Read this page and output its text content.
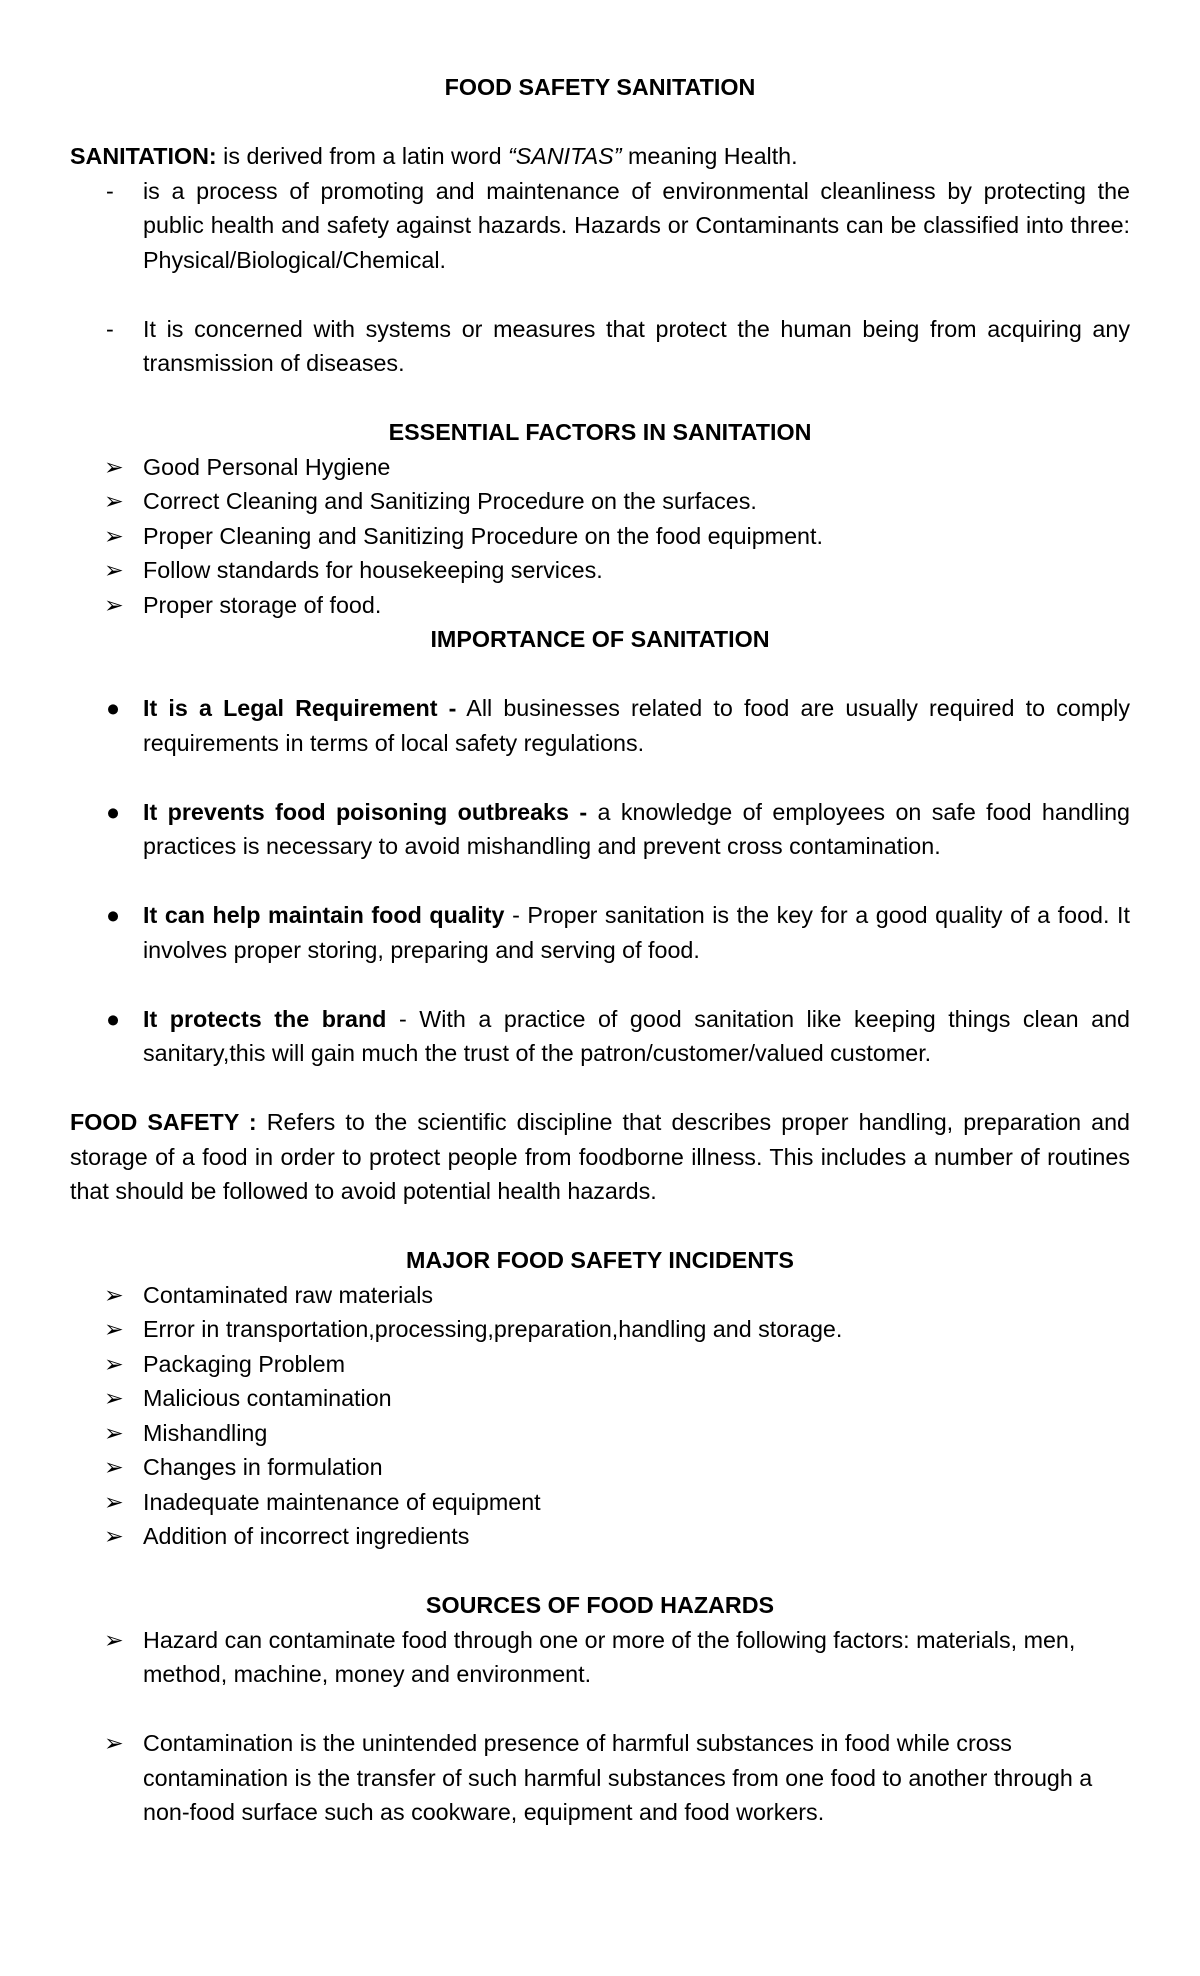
FOOD SAFETY SANITATION

SANITATION: is derived from a latin word “SANITAS” meaning Health.

- is a process of promoting and maintenance of environmental cleanliness by protecting the public health and safety against hazards. Hazards or Contaminants can be classified into three: Physical/Biological/Chemical.
- It is concerned with systems or measures that protect the human being from acquiring any transmission of diseases.

ESSENTIAL FACTORS IN SANITATION

➢ Good Personal Hygiene
➢ Correct Cleaning and Sanitizing Procedure on the surfaces.
➢ Proper Cleaning and Sanitizing Procedure on the food equipment.
➢ Follow standards for housekeeping services.
➢ Proper storage of food.

IMPORTANCE OF SANITATION

● It is a Legal Requirement - All businesses related to food are usually required to comply requirements in terms of local safety regulations.
● It prevents food poisoning outbreaks - a knowledge of employees on safe food handling practices is necessary to avoid mishandling and prevent cross contamination.
● It can help maintain food quality - Proper sanitation is the key for a good quality of a food. It involves proper storing, preparing and serving of food.
● It protects the brand - With a practice of good sanitation like keeping things clean and sanitary,this will gain much the trust of the patron/customer/valued customer.

FOOD SAFETY : Refers to the scientific discipline that describes proper handling, preparation and storage of a food in order to protect people from foodborne illness. This includes a number of routines that should be followed to avoid potential health hazards.

MAJOR FOOD SAFETY INCIDENTS

➢ Contaminated raw materials
➢ Error in transportation,processing,preparation,handling and storage.
➢ Packaging Problem
➢ Malicious contamination
➢ Mishandling
➢ Changes in formulation
➢ Inadequate maintenance of equipment
➢ Addition of incorrect ingredients

SOURCES OF FOOD HAZARDS

➢ Hazard can contaminate food through one or more of the following factors: materials, men, method, machine, money and environment.
➢ Contamination is the unintended presence of harmful substances in food while cross contamination is the transfer of such harmful substances from one food to another through a non-food surface such as cookware, equipment and food workers.
